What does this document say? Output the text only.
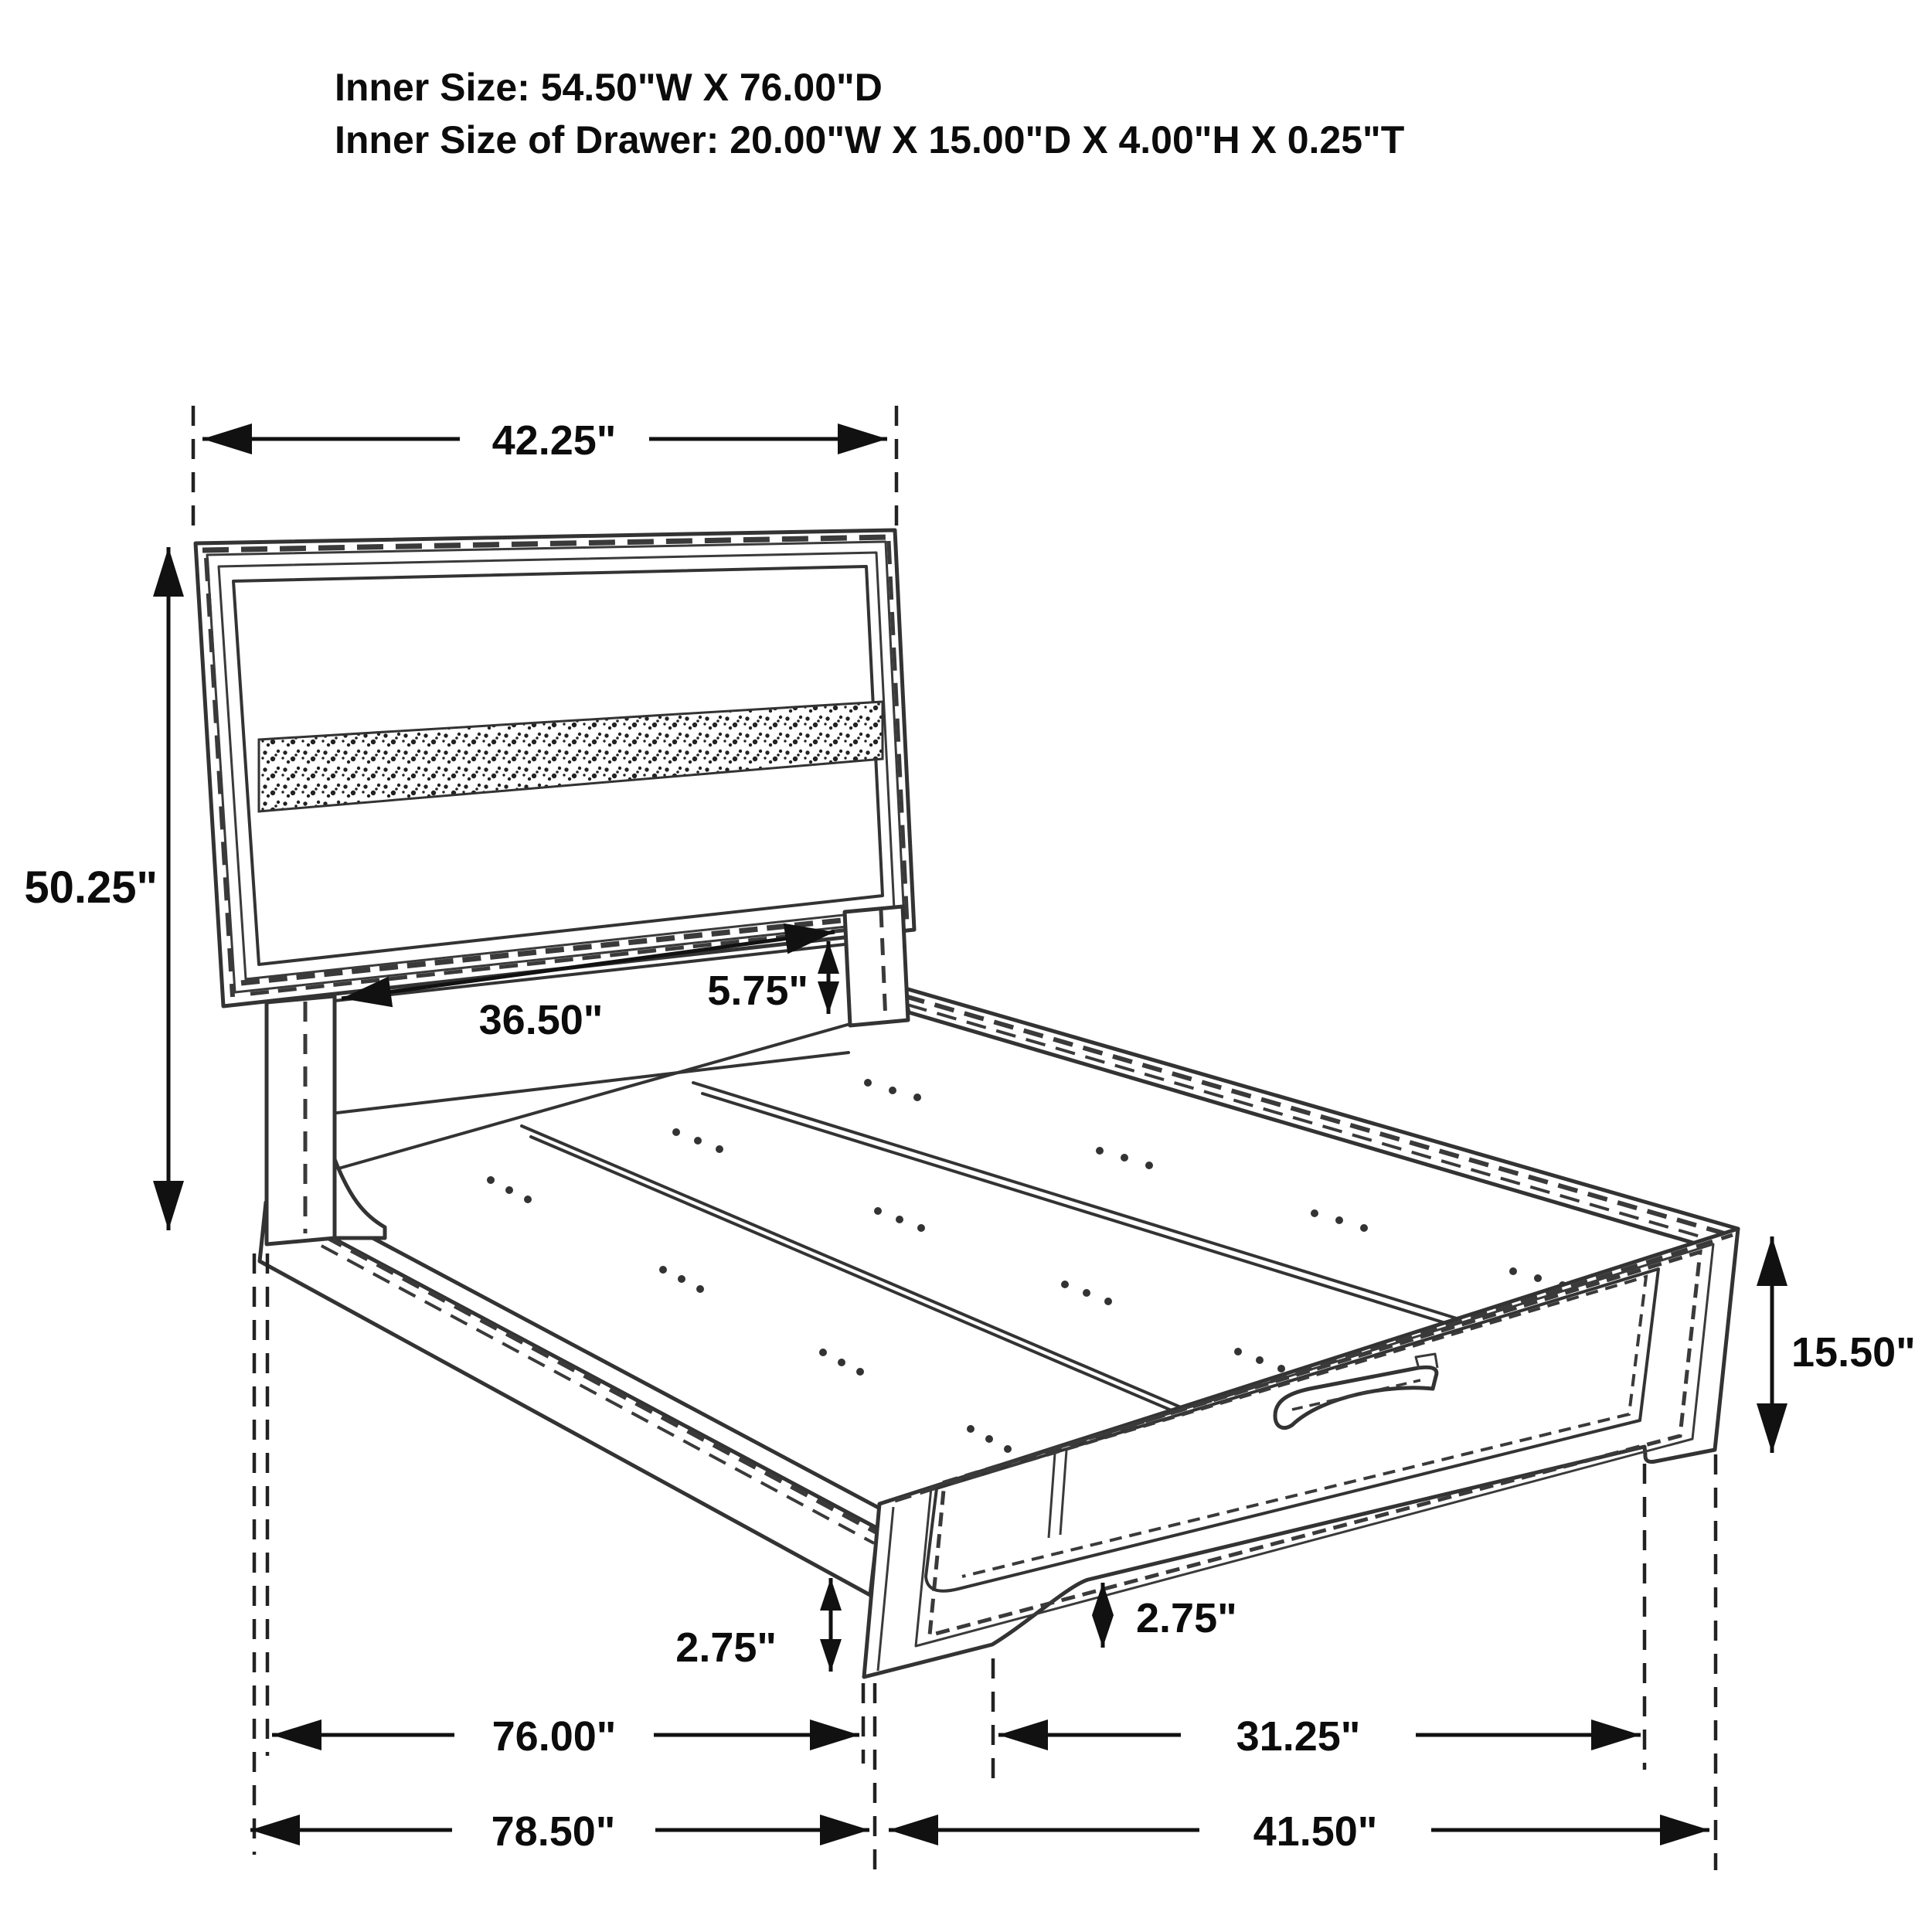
42.25"
50.25"
36.50"
5.75"
15.50"
2.75"
2.75"
76.00"	31.25"
78.50"	41.50"
Inner Size: 54.50"W X 76.00"D
Inner Size of Drawer: 20.00"W X 15.00"D X 4.00"H X 0.25"T
